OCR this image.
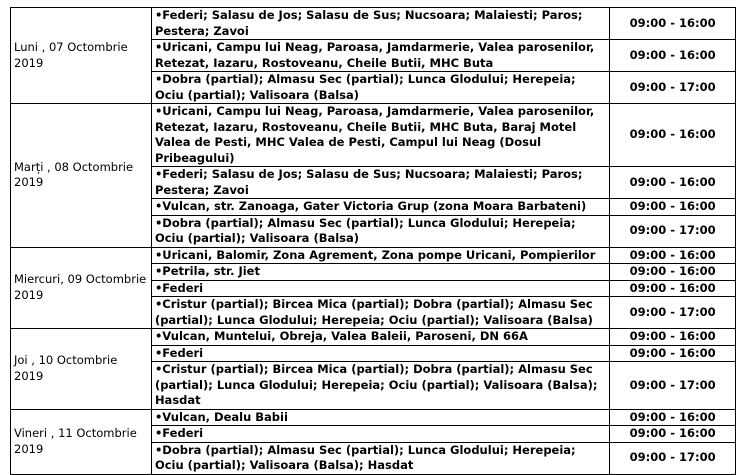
Luni , 07 Octombrie 2019	•Federi; Salasu de Jos; Salasu de Sus; Nucsoara; Malaiesti; Paros; Pestera; Zavoi	09:00 - 16:00
	•Uricani, Campu lui Neag, Paroasa, Jamdarmerie, Valea parosenilor, Retezat, Iazaru, Rostoveanu, Cheile Butii, MHC Buta	09:00 - 16:00
	•Dobra (partial); Almasu Sec (partial); Lunca Glodului; Herepeia; Ociu (partial); Valisoara (Balsa)	09:00 - 17:00
Marți , 08 Octombrie 2019	•Uricani, Campu lui Neag, Paroasa, Jamdarmerie, Valea parosenilor, Retezat, Iazaru, Rostoveanu, Cheile Butii, MHC Buta, Baraj Motel Valea de Pesti, MHC Valea de Pesti, Campul lui Neag (Dosul Pribeagului)	09:00 - 16:00
	•Federi; Salasu de Jos; Salasu de Sus; Nucsoara; Malaiesti; Paros; Pestera; Zavoi	09:00 - 16:00
	•Vulcan, str. Zanoaga, Gater Victoria Grup (zona Moara Barbateni)	09:00 - 16:00
	•Dobra (partial); Almasu Sec (partial); Lunca Glodului; Herepeia; Ociu (partial); Valisoara (Balsa)	09:00 - 17:00
Miercuri, 09 Octombrie 2019	•Uricani, Balomir, Zona Agrement, Zona pompe Uricani, Pompierilor	09:00 - 16:00
	•Petrila, str. Jiet	09:00 - 16:00
	•Federi	09:00 - 16:00
	•Cristur (partial); Bircea Mica (partial); Dobra (partial); Almasu Sec (partial); Lunca Glodului; Herepeia; Ociu (partial); Valisoara (Balsa)	09:00 - 17:00
Joi , 10 Octombrie 2019	•Vulcan, Muntelui, Obreja, Valea Baleii, Paroseni, DN 66A	09:00 - 16:00
	•Federi	09:00 - 16:00
	•Cristur (partial); Bircea Mica (partial); Dobra (partial); Almasu Sec (partial); Lunca Glodului; Herepeia; Ociu (partial); Valisoara (Balsa); Hasdat	09:00 - 17:00
Vineri , 11 Octombrie 2019	•Vulcan, Dealu Babii	09:00 - 16:00
	•Federi	09:00 - 16:00
	•Dobra (partial); Almasu Sec (partial); Lunca Glodului; Herepeia; Ociu (partial); Valisoara (Balsa); Hasdat	09:00 - 17:00
